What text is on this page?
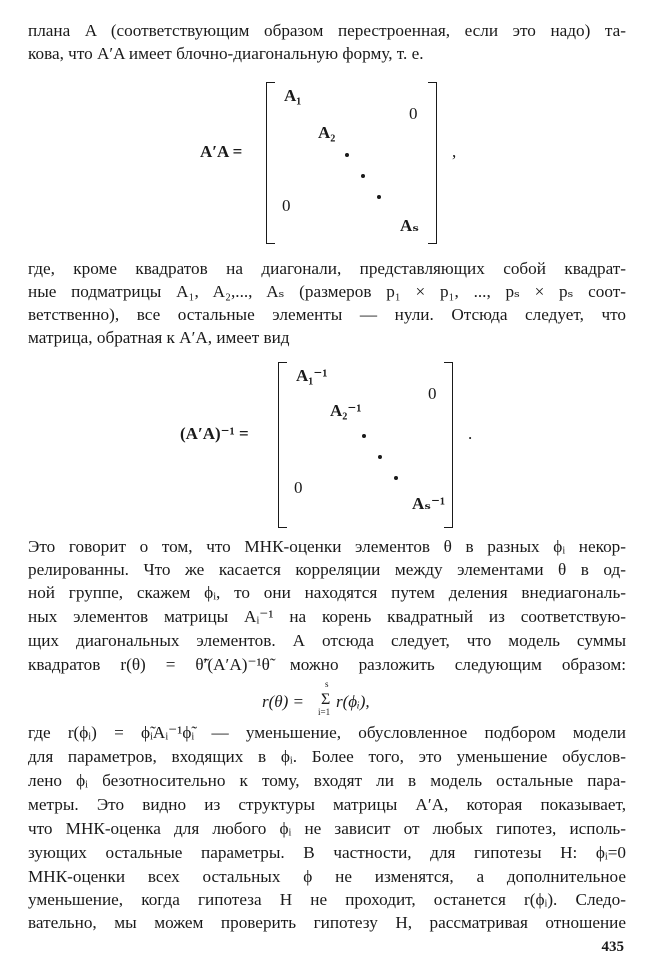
плана A (соответствующим образом перестроенная, если это надо) та-
кова, что A′A имеет блочно-диагональную форму, т. е.
A′A =
A₁
0
A₂
0
Aₛ
,
где, кроме квадратов на диагонали, представляющих собой квадрат-
ные подматрицы A₁, A₂,..., Aₛ (размеров p₁ × p₁, ..., pₛ × pₛ соот-
ветственно), все остальные элементы — нули. Отсюда следует, что
матрица, обратная к A′A, имеет вид
(A′A)⁻¹ =
A₁⁻¹
0
A₂⁻¹
0
Aₛ⁻¹
.
Это говорит о том, что МНК-оценки элементов θ в разных ϕᵢ некор-
релированны. Что же касается корреляции между элементами θ в од-
ной группе, скажем ϕᵢ, то они находятся путем деления внедиагональ-
ных элементов матрицы Aᵢ⁻¹ на корень квадратный из соответствую-
щих диагональных элементов. А отсюда следует, что модель суммы
квадратов r(θ) = θ̃′(A′A)⁻¹θ̃ можно разложить следующим образом:
r(θ) =
s
Σ
i=1
r(ϕᵢ),
где r(ϕᵢ) = ϕ̃ᵢAᵢ⁻¹ϕ̃ᵢ — уменьшение, обусловленное подбором модели
для параметров, входящих в ϕᵢ. Более того, это уменьшение обуслов-
лено ϕᵢ безотносительно к тому, входят ли в модель остальные пара-
метры. Это видно из структуры матрицы A′A, которая показывает,
что МНК-оценка для любого ϕᵢ не зависит от любых гипотез, исполь-
зующих остальные параметры. В частности, для гипотезы H: ϕᵢ=0
МНК-оценки всех остальных ϕ не изменятся, а дополнительное
уменьшение, когда гипотеза H не проходит, останется r(ϕᵢ). Следо-
вательно, мы можем проверить гипотезу H, рассматривая отношение
435
